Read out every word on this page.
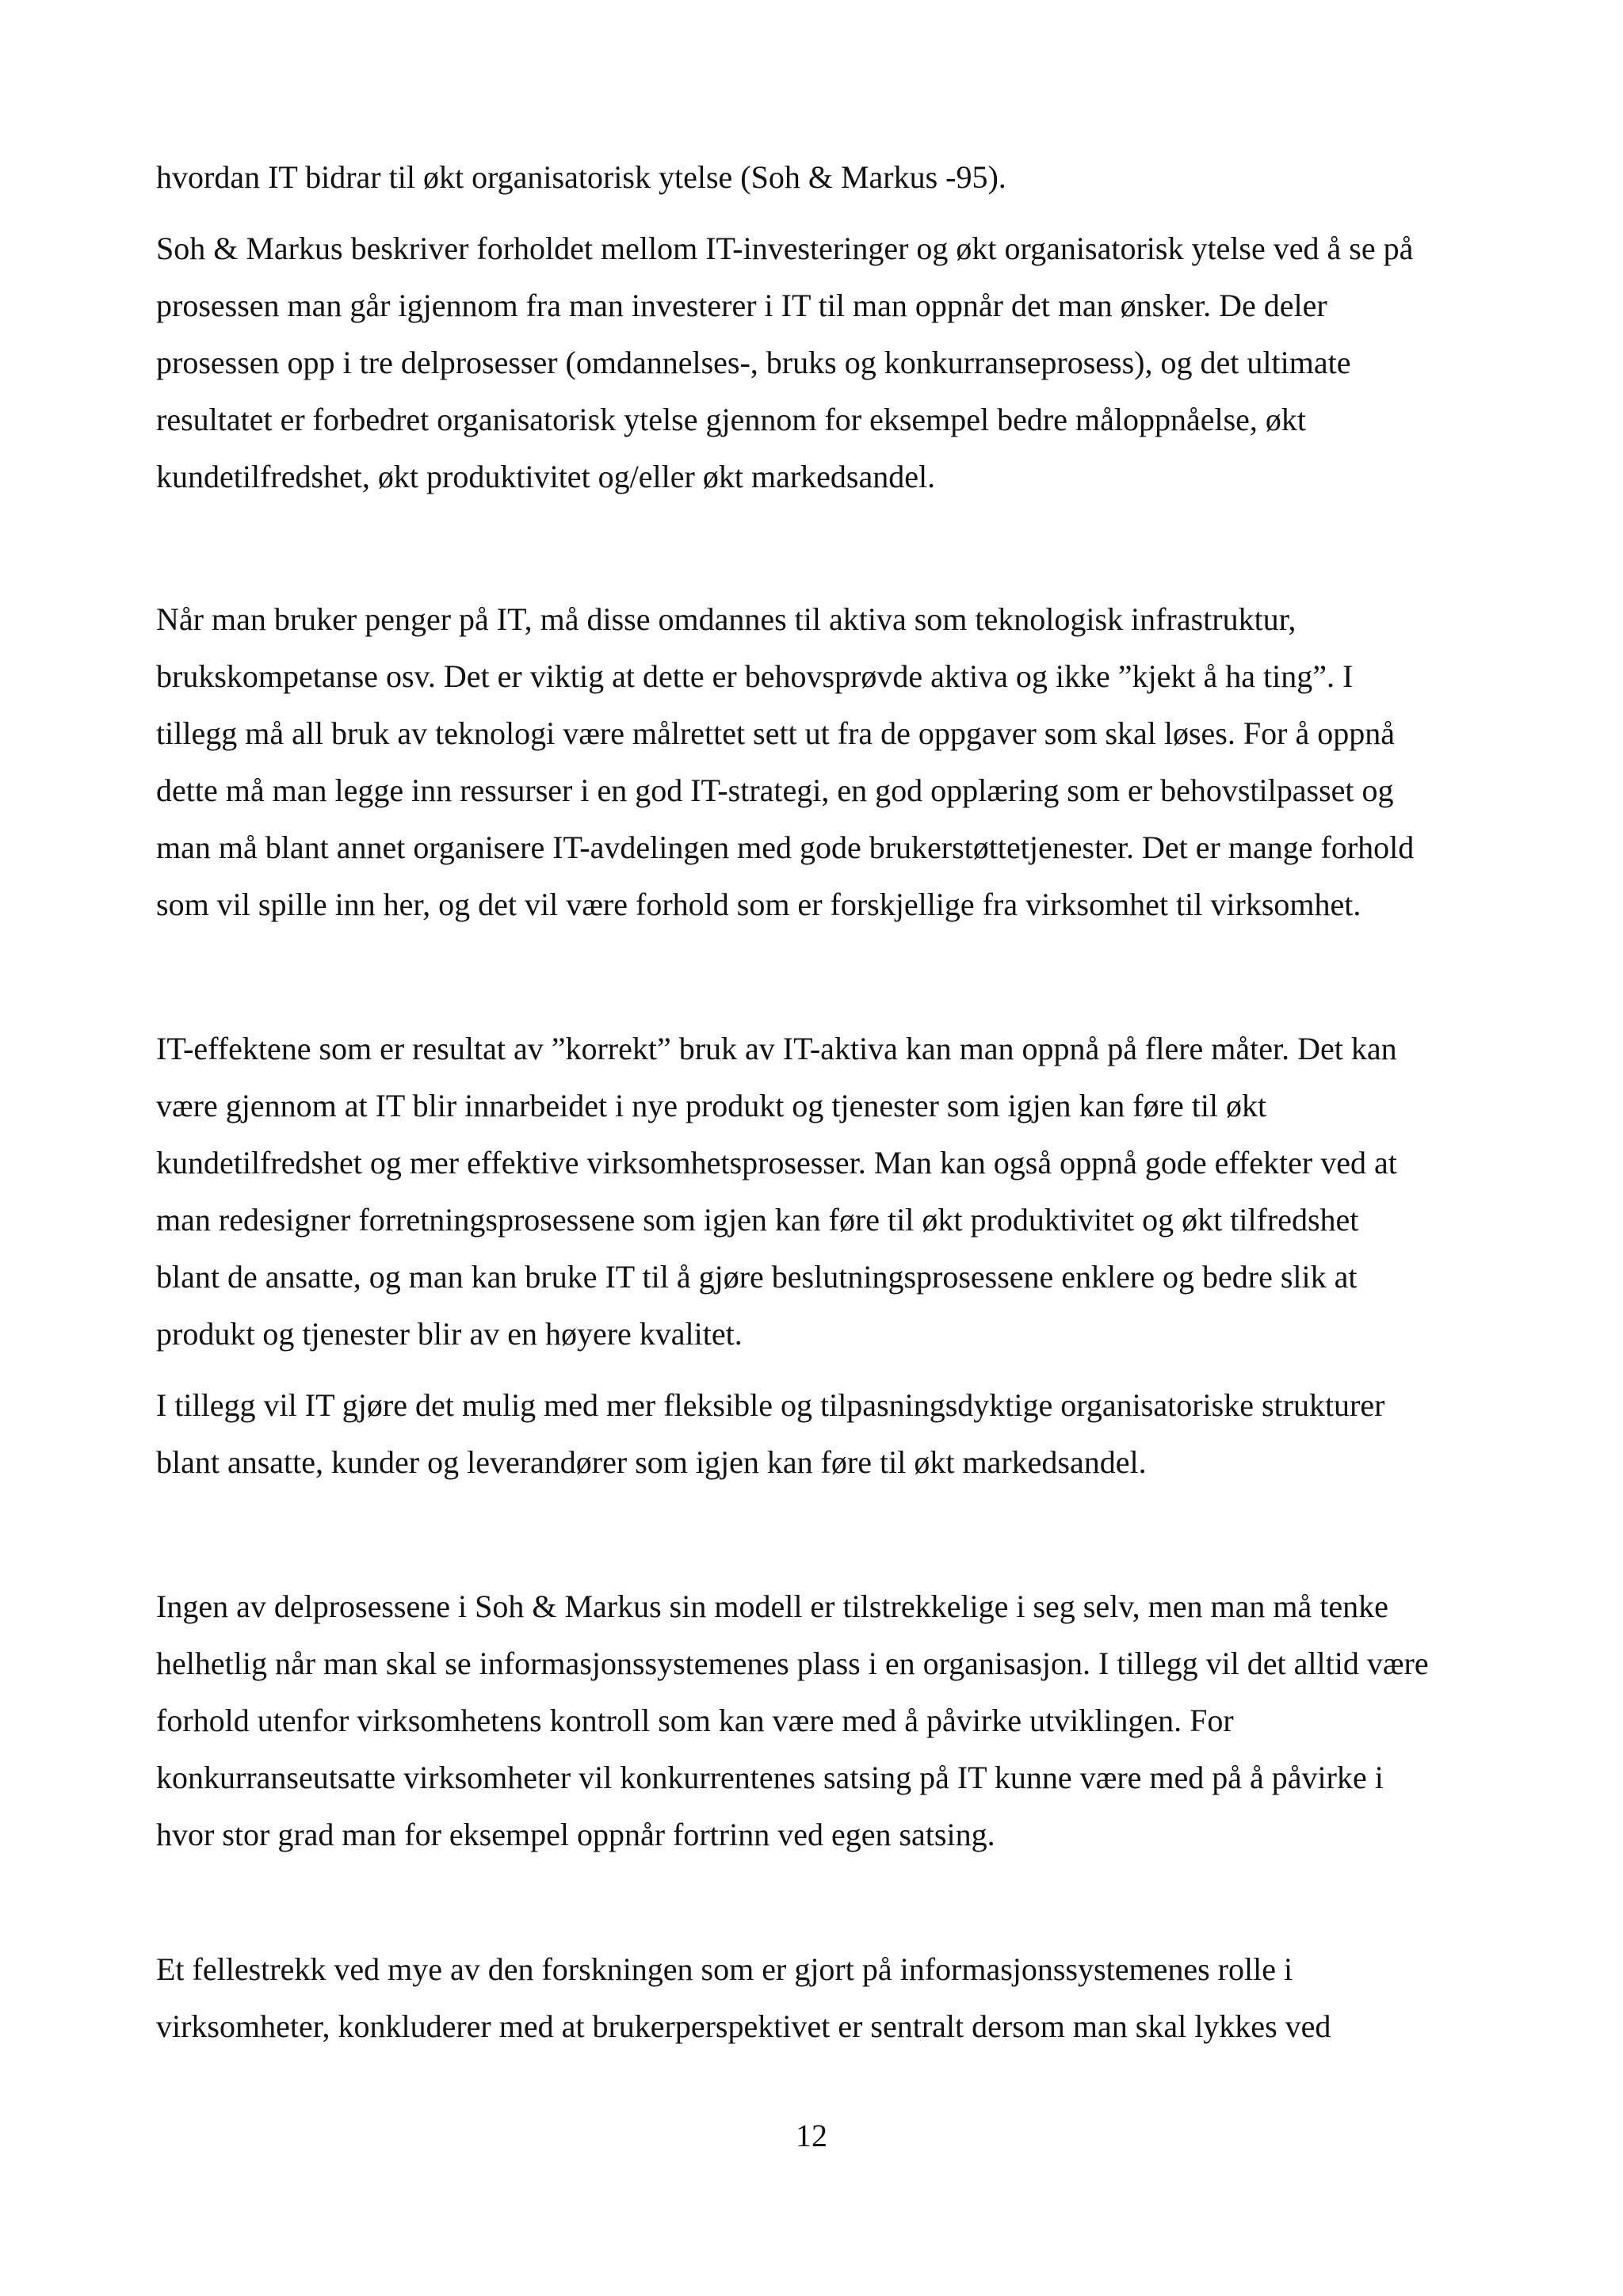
hvordan IT bidrar til økt organisatorisk ytelse (Soh & Markus -95).

Soh & Markus beskriver forholdet mellom IT-investeringer og økt organisatorisk ytelse ved å se på

prosessen man går igjennom fra man investerer i IT til man oppnår det man ønsker. De deler

prosessen opp i tre delprosesser (omdannelses-, bruks og konkurranseprosess), og det ultimate

resultatet er forbedret organisatorisk ytelse gjennom for eksempel bedre måloppnåelse, økt

kundetilfredshet, økt produktivitet og/eller økt markedsandel.

Når man bruker penger på IT, må disse omdannes til aktiva som teknologisk infrastruktur,

brukskompetanse osv. Det er viktig at dette er behovsprøvde aktiva og ikke ”kjekt å ha ting”. I

tillegg må all bruk av teknologi være målrettet sett ut fra de oppgaver som skal løses. For å oppnå

dette må man legge inn ressurser i en god IT-strategi, en god opplæring som er behovstilpasset og

man må blant annet organisere IT-avdelingen med gode brukerstøttetjenester. Det er mange forhold

som vil spille inn her, og det vil være forhold som er forskjellige fra virksomhet til virksomhet.

IT-effektene som er resultat av ”korrekt” bruk av IT-aktiva kan man oppnå på flere måter. Det kan

være gjennom at IT blir innarbeidet i nye produkt og tjenester som igjen kan føre til økt

kundetilfredshet og mer effektive virksomhetsprosesser. Man kan også oppnå gode effekter ved at

man redesigner forretningsprosessene som igjen kan føre til økt produktivitet og økt tilfredshet

blant de ansatte, og man kan bruke IT til å gjøre beslutningsprosessene enklere og bedre slik at

produkt og tjenester blir av en høyere kvalitet.

I tillegg vil IT gjøre det mulig med mer fleksible og tilpasningsdyktige organisatoriske strukturer

blant ansatte, kunder og leverandører som igjen kan føre til økt markedsandel.

Ingen av delprosessene i Soh & Markus sin modell er tilstrekkelige i seg selv, men man må tenke

helhetlig når man skal se informasjonssystemenes plass i en organisasjon. I tillegg vil det alltid være

forhold utenfor virksomhetens kontroll som kan være med å påvirke utviklingen. For

konkurranseutsatte virksomheter vil konkurrentenes satsing på IT kunne være med på å påvirke i

hvor stor grad man for eksempel oppnår fortrinn ved egen satsing.

Et fellestrekk ved mye av den forskningen som er gjort på informasjonssystemenes rolle i

virksomheter, konkluderer med at brukerperspektivet er sentralt dersom man skal lykkes ved

12
